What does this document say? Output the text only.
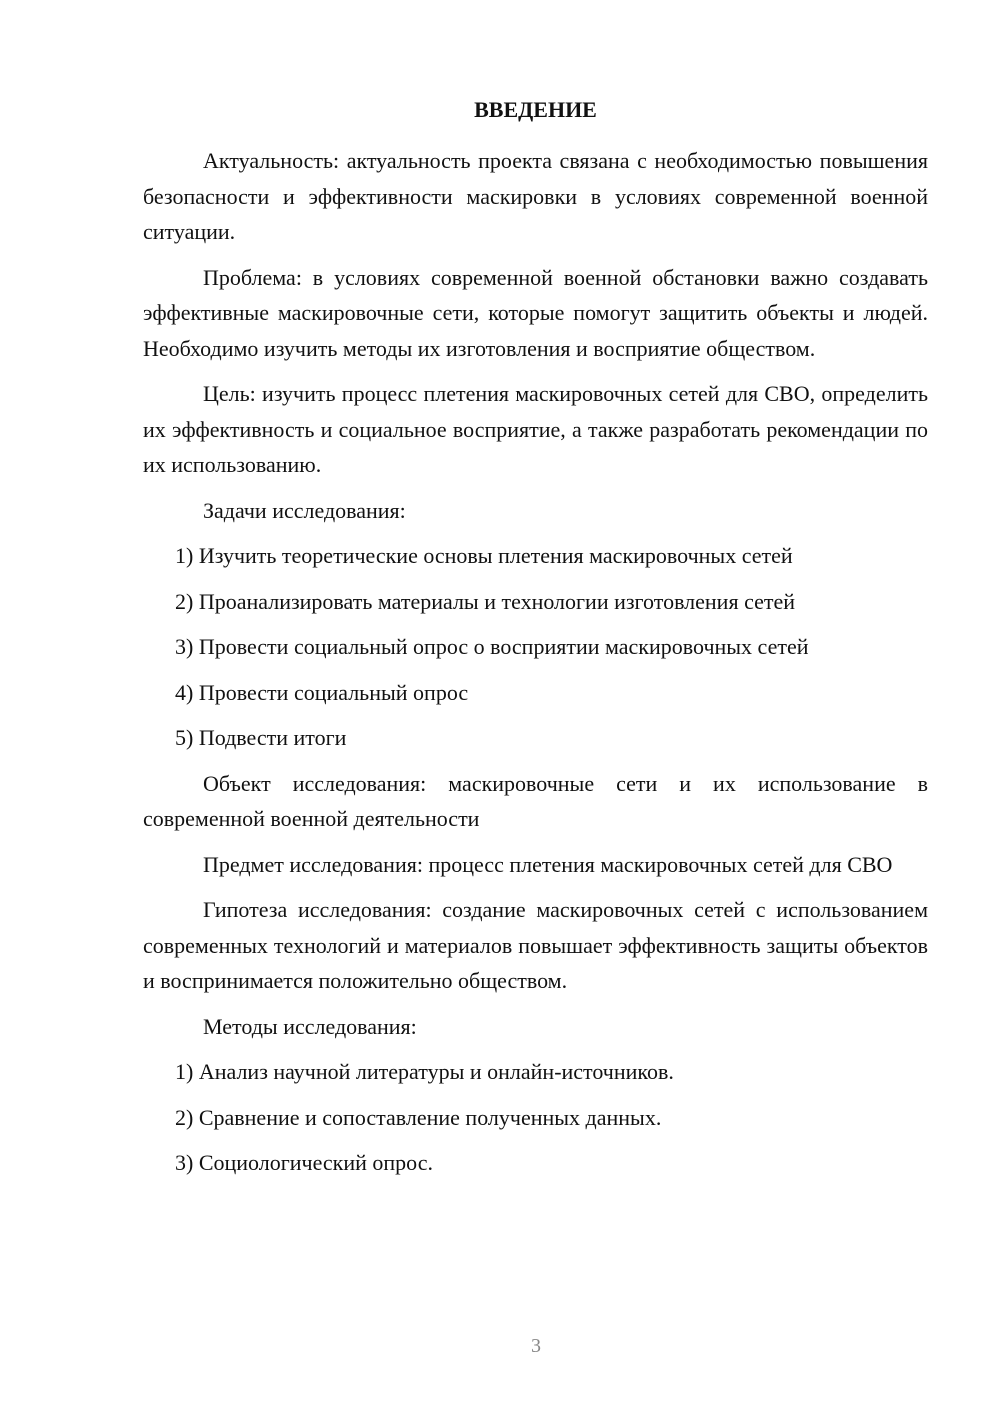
ВВЕДЕНИЕ
Актуальность: актуальность проекта связана с необходимостью повышения безопасности и эффективности маскировки в условиях современной военной ситуации.
Проблема: в условиях современной военной обстановки важно создавать эффективные маскировочные сети, которые помогут защитить объекты и людей. Необходимо изучить методы их изготовления и восприятие обществом.
Цель: изучить процесс плетения маскировочных сетей для СВО, определить их эффективность и социальное восприятие, а также разработать рекомендации по их использованию.
Задачи исследования:
1) Изучить теоретические основы плетения маскировочных сетей
2) Проанализировать материалы и технологии изготовления сетей
3) Провести социальный опрос о восприятии маскировочных сетей
4) Провести социальный опрос
5) Подвести итоги
Объект исследования: маскировочные сети и их использование в современной военной деятельности
Предмет исследования: процесс плетения маскировочных сетей для СВО
Гипотеза исследования: создание маскировочных сетей с использованием современных технологий и материалов повышает эффективность защиты объектов и воспринимается положительно обществом.
Методы исследования:
1) Анализ научной литературы и онлайн-источников.
2) Сравнение и сопоставление полученных данных.
3) Социологический опрос.
3
